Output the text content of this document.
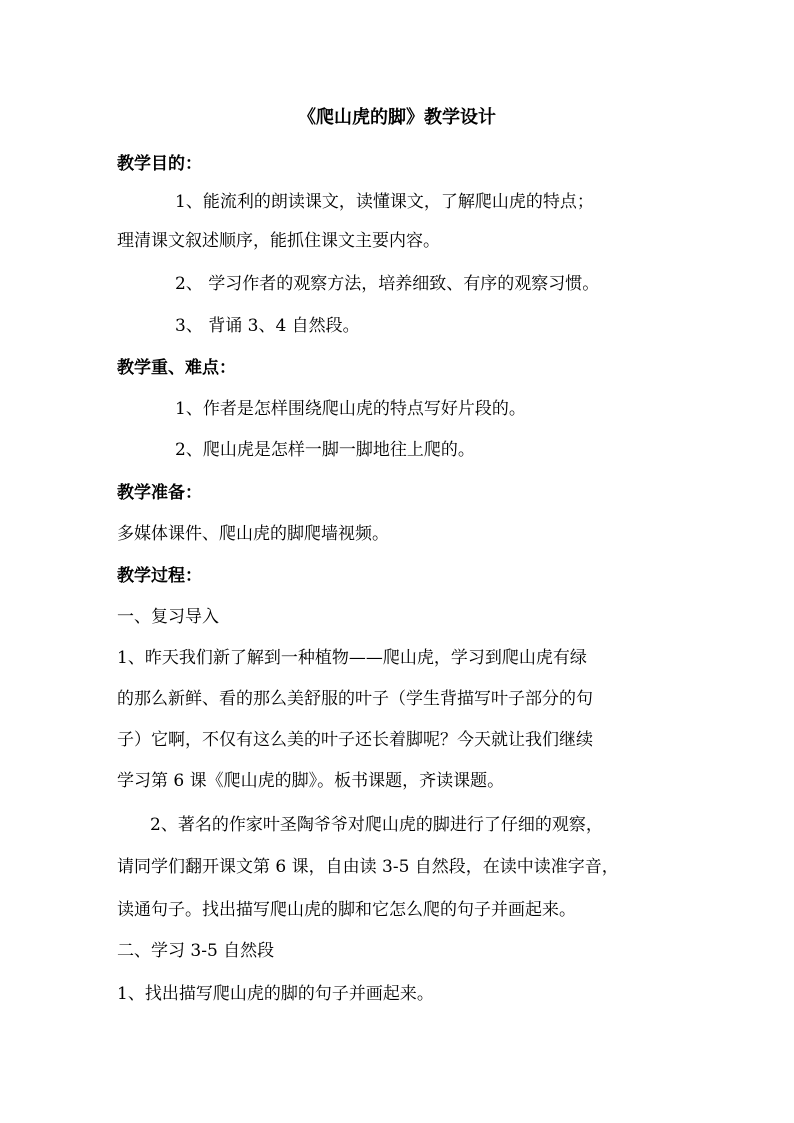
《爬山虎的脚》教学设计
教学目的：
1、能流利的朗读课文，读懂课文，了解爬山虎的特点；
理清课文叙述顺序，能抓住课文主要内容。
2、 学习作者的观察方法，培养细致、有序的观察习惯。
3、 背诵 3、4 自然段。
教学重、难点：
1、作者是怎样围绕爬山虎的特点写好片段的。
2、爬山虎是怎样一脚一脚地往上爬的。
教学准备：
多媒体课件、爬山虎的脚爬墙视频。
教学过程：
一、复习导入
1、昨天我们新了解到一种植物——爬山虎，学习到爬山虎有绿
的那么新鲜、看的那么美舒服的叶子（学生背描写叶子部分的句
子）它啊，不仅有这么美的叶子还长着脚呢？今天就让我们继续
学习第 6 课《爬山虎的脚》。板书课题，齐读课题。
2、著名的作家叶圣陶爷爷对爬山虎的脚进行了仔细的观察，
请同学们翻开课文第 6 课，自由读 3-5 自然段，在读中读准字音，
读通句子。找出描写爬山虎的脚和它怎么爬的句子并画起来。
二、学习 3-5 自然段
1、找出描写爬山虎的脚的句子并画起来。
